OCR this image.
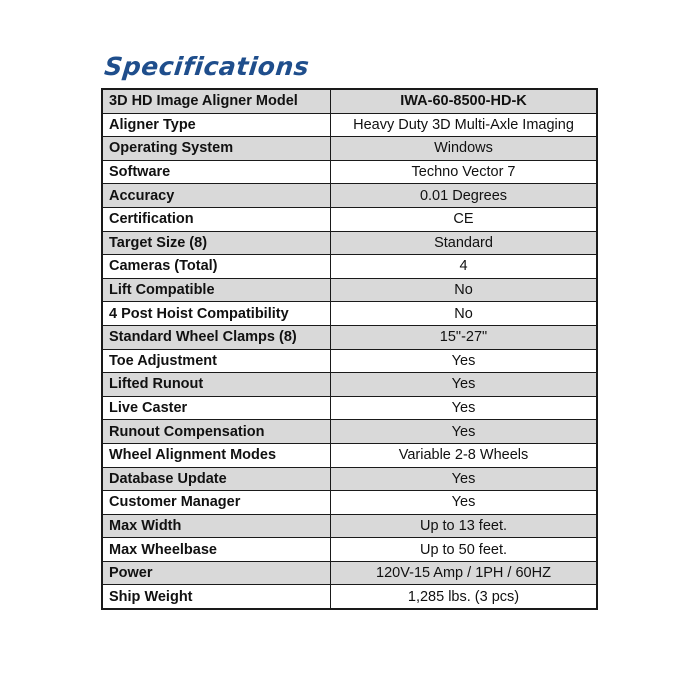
Specifications
3D HD Image Aligner Model	IWA-60-8500-HD-K
Aligner Type	Heavy Duty 3D Multi-Axle Imaging
Operating System	Windows
Software	Techno Vector 7
Accuracy	0.01 Degrees
Certification	CE
Target Size (8)	Standard
Cameras (Total)	4
Lift Compatible	No
4 Post Hoist Compatibility	No
Standard Wheel Clamps (8)	15"-27"
Toe Adjustment	Yes
Lifted Runout	Yes
Live Caster	Yes
Runout Compensation	Yes
Wheel Alignment Modes	Variable 2-8 Wheels
Database Update	Yes
Customer Manager	Yes
Max Width	Up to 13 feet.
Max Wheelbase	Up to 50 feet.
Power	120V-15 Amp / 1PH / 60HZ
Ship Weight	1,285 lbs. (3 pcs)
